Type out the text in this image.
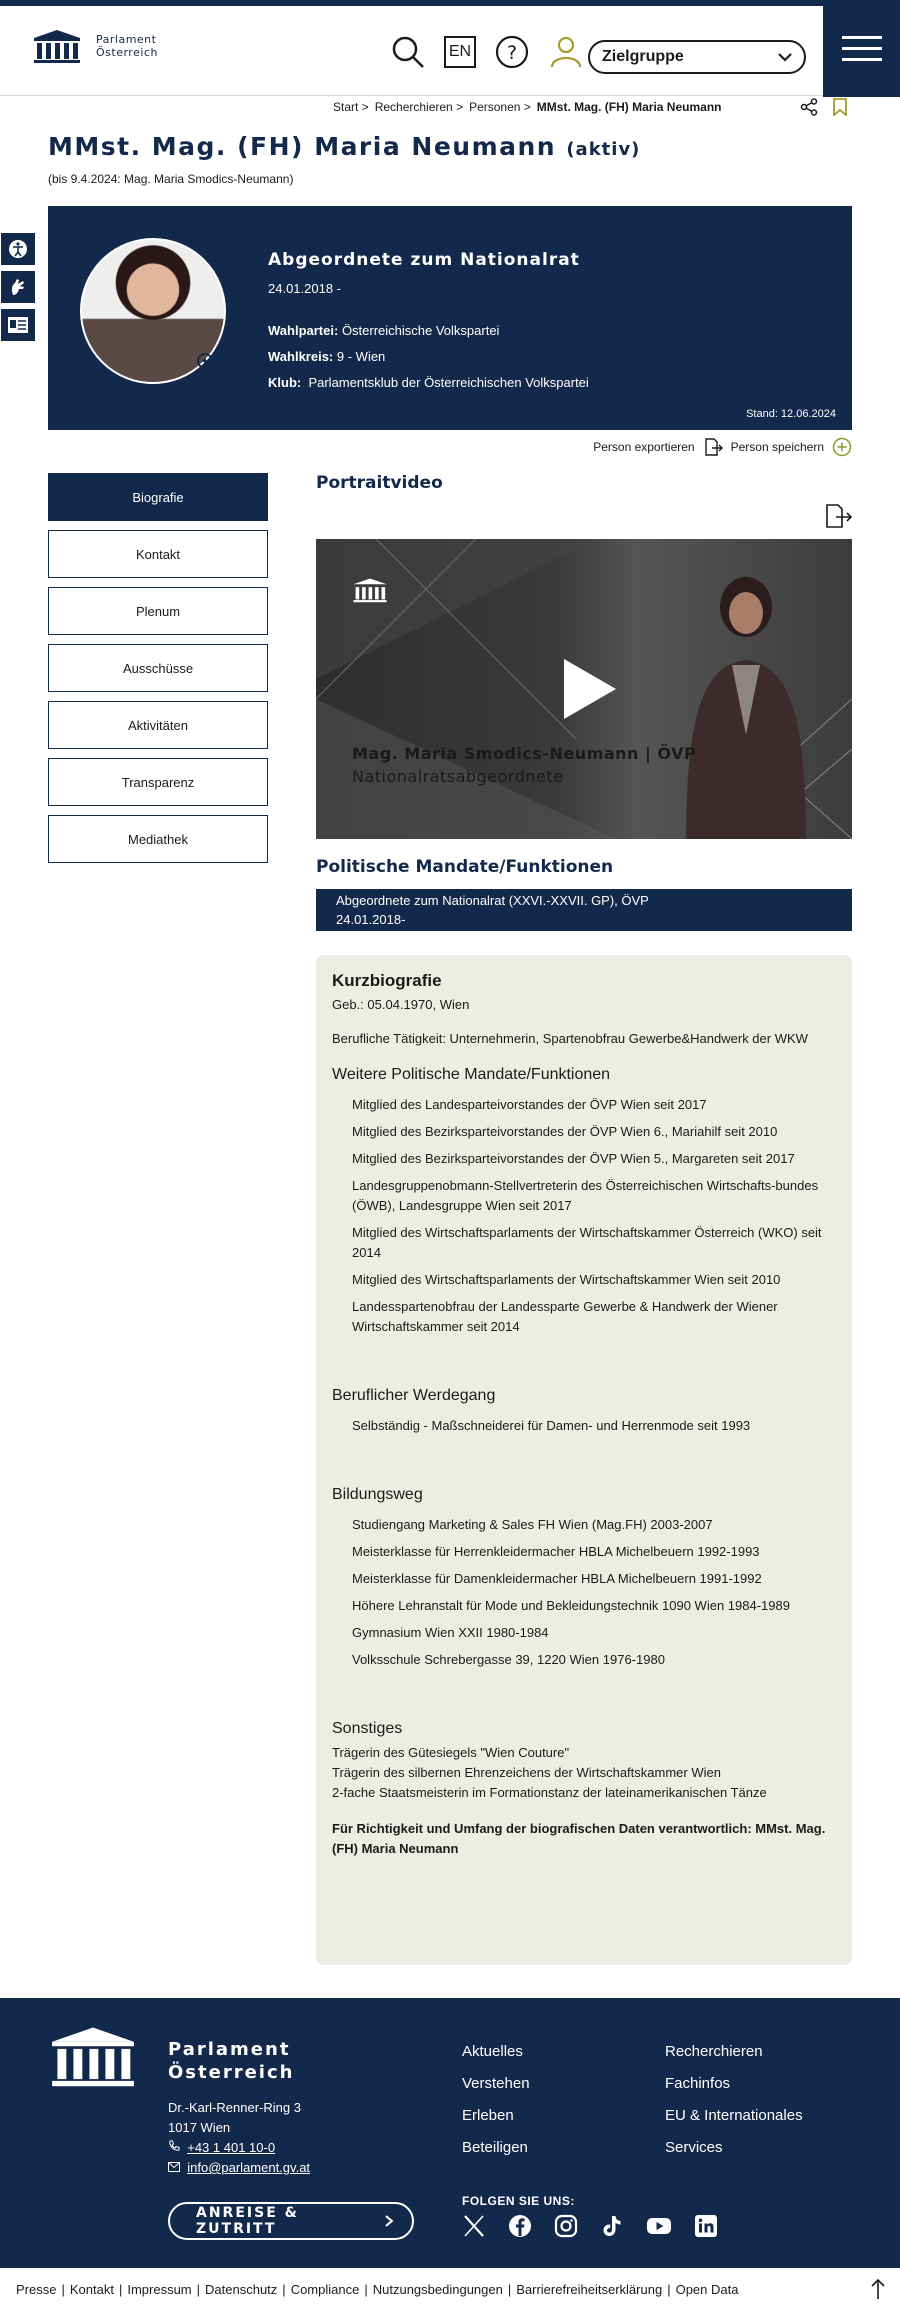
Parlament
Österreich	EN ?	Zielgruppe
Start > Recherchieren > Personen > MMst. Mag. (FH) Maria Neumann
MMst. Mag. (FH) Maria Neumann (aktiv)
(bis 9.4.2024: Mag. Maria Smodics-Neumann)
Abgeordnete zum Nationalrat
24.01.2018 -
Wahlpartei: Österreichische Volkspartei
Wahlkreis: 9 - Wien
Klub: Parlamentsklub der Österreichischen Volkspartei
Stand: 12.06.2024
Person exportieren	Person speichern
Biografie
Kontakt
Plenum
Ausschüsse
Aktivitäten
Transparenz
Mediathek
Portraitvideo
Mag. Maria Smodics-Neumann | ÖVP
Nationalratsabgeordnete
Politische Mandate/Funktionen
Abgeordnete zum Nationalrat (XXVI.-XXVII. GP), ÖVP
24.01.2018-
Kurzbiografie

Geb.: 05.04.1970, Wien

Berufliche Tätigkeit: Unternehmerin, Spartenobfrau Gewerbe&Handwerk der WKW

Weitere Politische Mandate/Funktionen
Mitglied des Landesparteivorstandes der ÖVP Wien seit 2017
Mitglied des Bezirksparteivorstandes der ÖVP Wien 6., Mariahilf seit 2010
Mitglied des Bezirksparteivorstandes der ÖVP Wien 5., Margareten seit 2017
Landesgruppenobmann-Stellvertreterin des Österreichischen Wirtschafts-bundes (ÖWB), Landesgruppe Wien seit 2017
Mitglied des Wirtschaftsparlaments der Wirtschaftskammer Österreich (WKO) seit 2014
Mitglied des Wirtschaftsparlaments der Wirtschaftskammer Wien seit 2010
Landesspartenobfrau der Landessparte Gewerbe & Handwerk der Wiener Wirtschaftskammer seit 2014
Beruflicher Werdegang
Selbständig - Maßschneiderei für Damen- und Herrenmode seit 1993
Bildungsweg
Studiengang Marketing & Sales FH Wien (Mag.FH) 2003-2007
Meisterklasse für Herrenkleidermacher HBLA Michelbeuern 1992-1993
Meisterklasse für Damenkleidermacher HBLA Michelbeuern 1991-1992
Höhere Lehranstalt für Mode und Bekleidungstechnik 1090 Wien 1984-1989
Gymnasium Wien XXII 1980-1984
Volksschule Schrebergasse 39, 1220 Wien 1976-1980
Sonstiges
Trägerin des Gütesiegels "Wien Couture"
Trägerin des silbernen Ehrenzeichens der Wirtschaftskammer Wien
2-fache Staatsmeisterin im Formationstanz der lateinamerikanischen Tänze

Für Richtigkeit und Umfang der biografischen Daten verantwortlich: MMst. Mag. (FH) Maria Neumann

Parlament
Österreich
Dr.-Karl-Renner-Ring 3
1017 Wien
+43 1 401 10-0
info@parlament.gv.at
ANREISE & ZUTRITT
Aktuelles
Verstehen
Erleben
Beteiligen
Recherchieren
Fachinfos
EU & Internationales
Services
FOLGEN SIE UNS:
Presse | Kontakt | Impressum | Datenschutz | Compliance | Nutzungsbedingungen | Barrierefreiheitserklärung | Open Data
